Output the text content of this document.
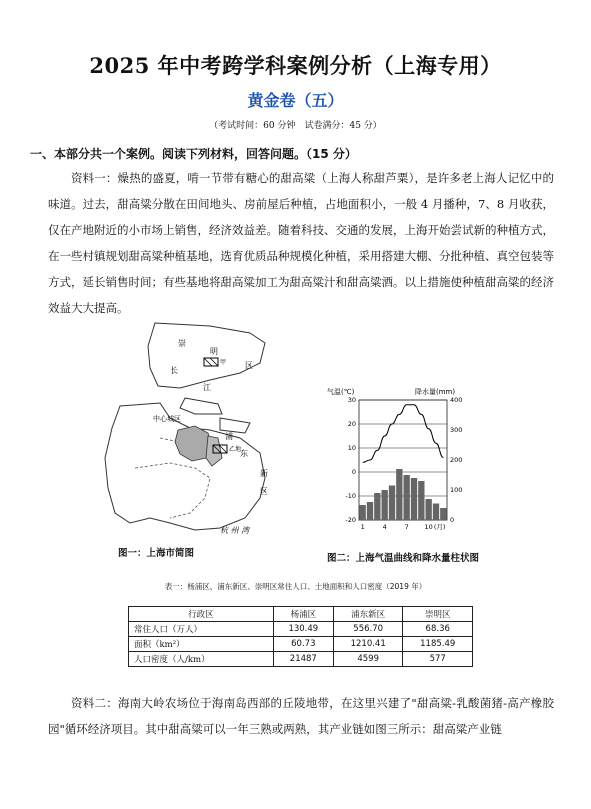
2025 年中考跨学科案例分析（上海专用）
黄金卷（五）
（考试时间：60 分钟　试卷满分：45 分）
一、本部分共一个案例。阅读下列材料，回答问题。（15 分）
资料一：燥热的盛夏，啃一节带有糖心的甜高粱（上海人称甜芦粟），是许多老上海人记忆中的味道。过去，甜高粱分散在田间地头、房前屋后种植，占地面积小，一般 4 月播种，7、8 月收获，仅在产地附近的小市场上销售，经济效益差。随着科技、交通的发展，上海开始尝试新的种植方式，在一些村镇规划甜高粱种植基地，选育优质品种规模化种植，采用搭建大棚、分批种植、真空包装等方式，延长销售时间；有些基地将甜高粱加工为甜高粱汁和甜高粱酒。以上措施使种植甜高粱的经济效益大大提高。
崇
明
区
长
江
中心城区
浦
东
新
区
杭 州 湾
甲
乙地
图一：上海市简图
气温(℃)	降水量(mm)
30
20
10
0
-10
-20
400
300
200
100
0
1	4	7 10 (月)
图二：上海气温曲线和降水量柱状图
表一：杨浦区、浦东新区、崇明区常住人口、土地面积和人口密度（2019 年）
行政区	杨浦区	浦东新区	崇明区
常住人口（万人）	130.49	556.70	68.36
面积（km²）	60.73	1210.41	1185.49
人口密度（人/km）	21487	4599	577
资料二：海南大岭农场位于海南岛西部的丘陵地带，在这里兴建了"甜高粱-乳酸菌猪-高产橡胶园"循环经济项目。其中甜高粱可以一年三熟或两熟，其产业链如图三所示：甜高粱产业链
